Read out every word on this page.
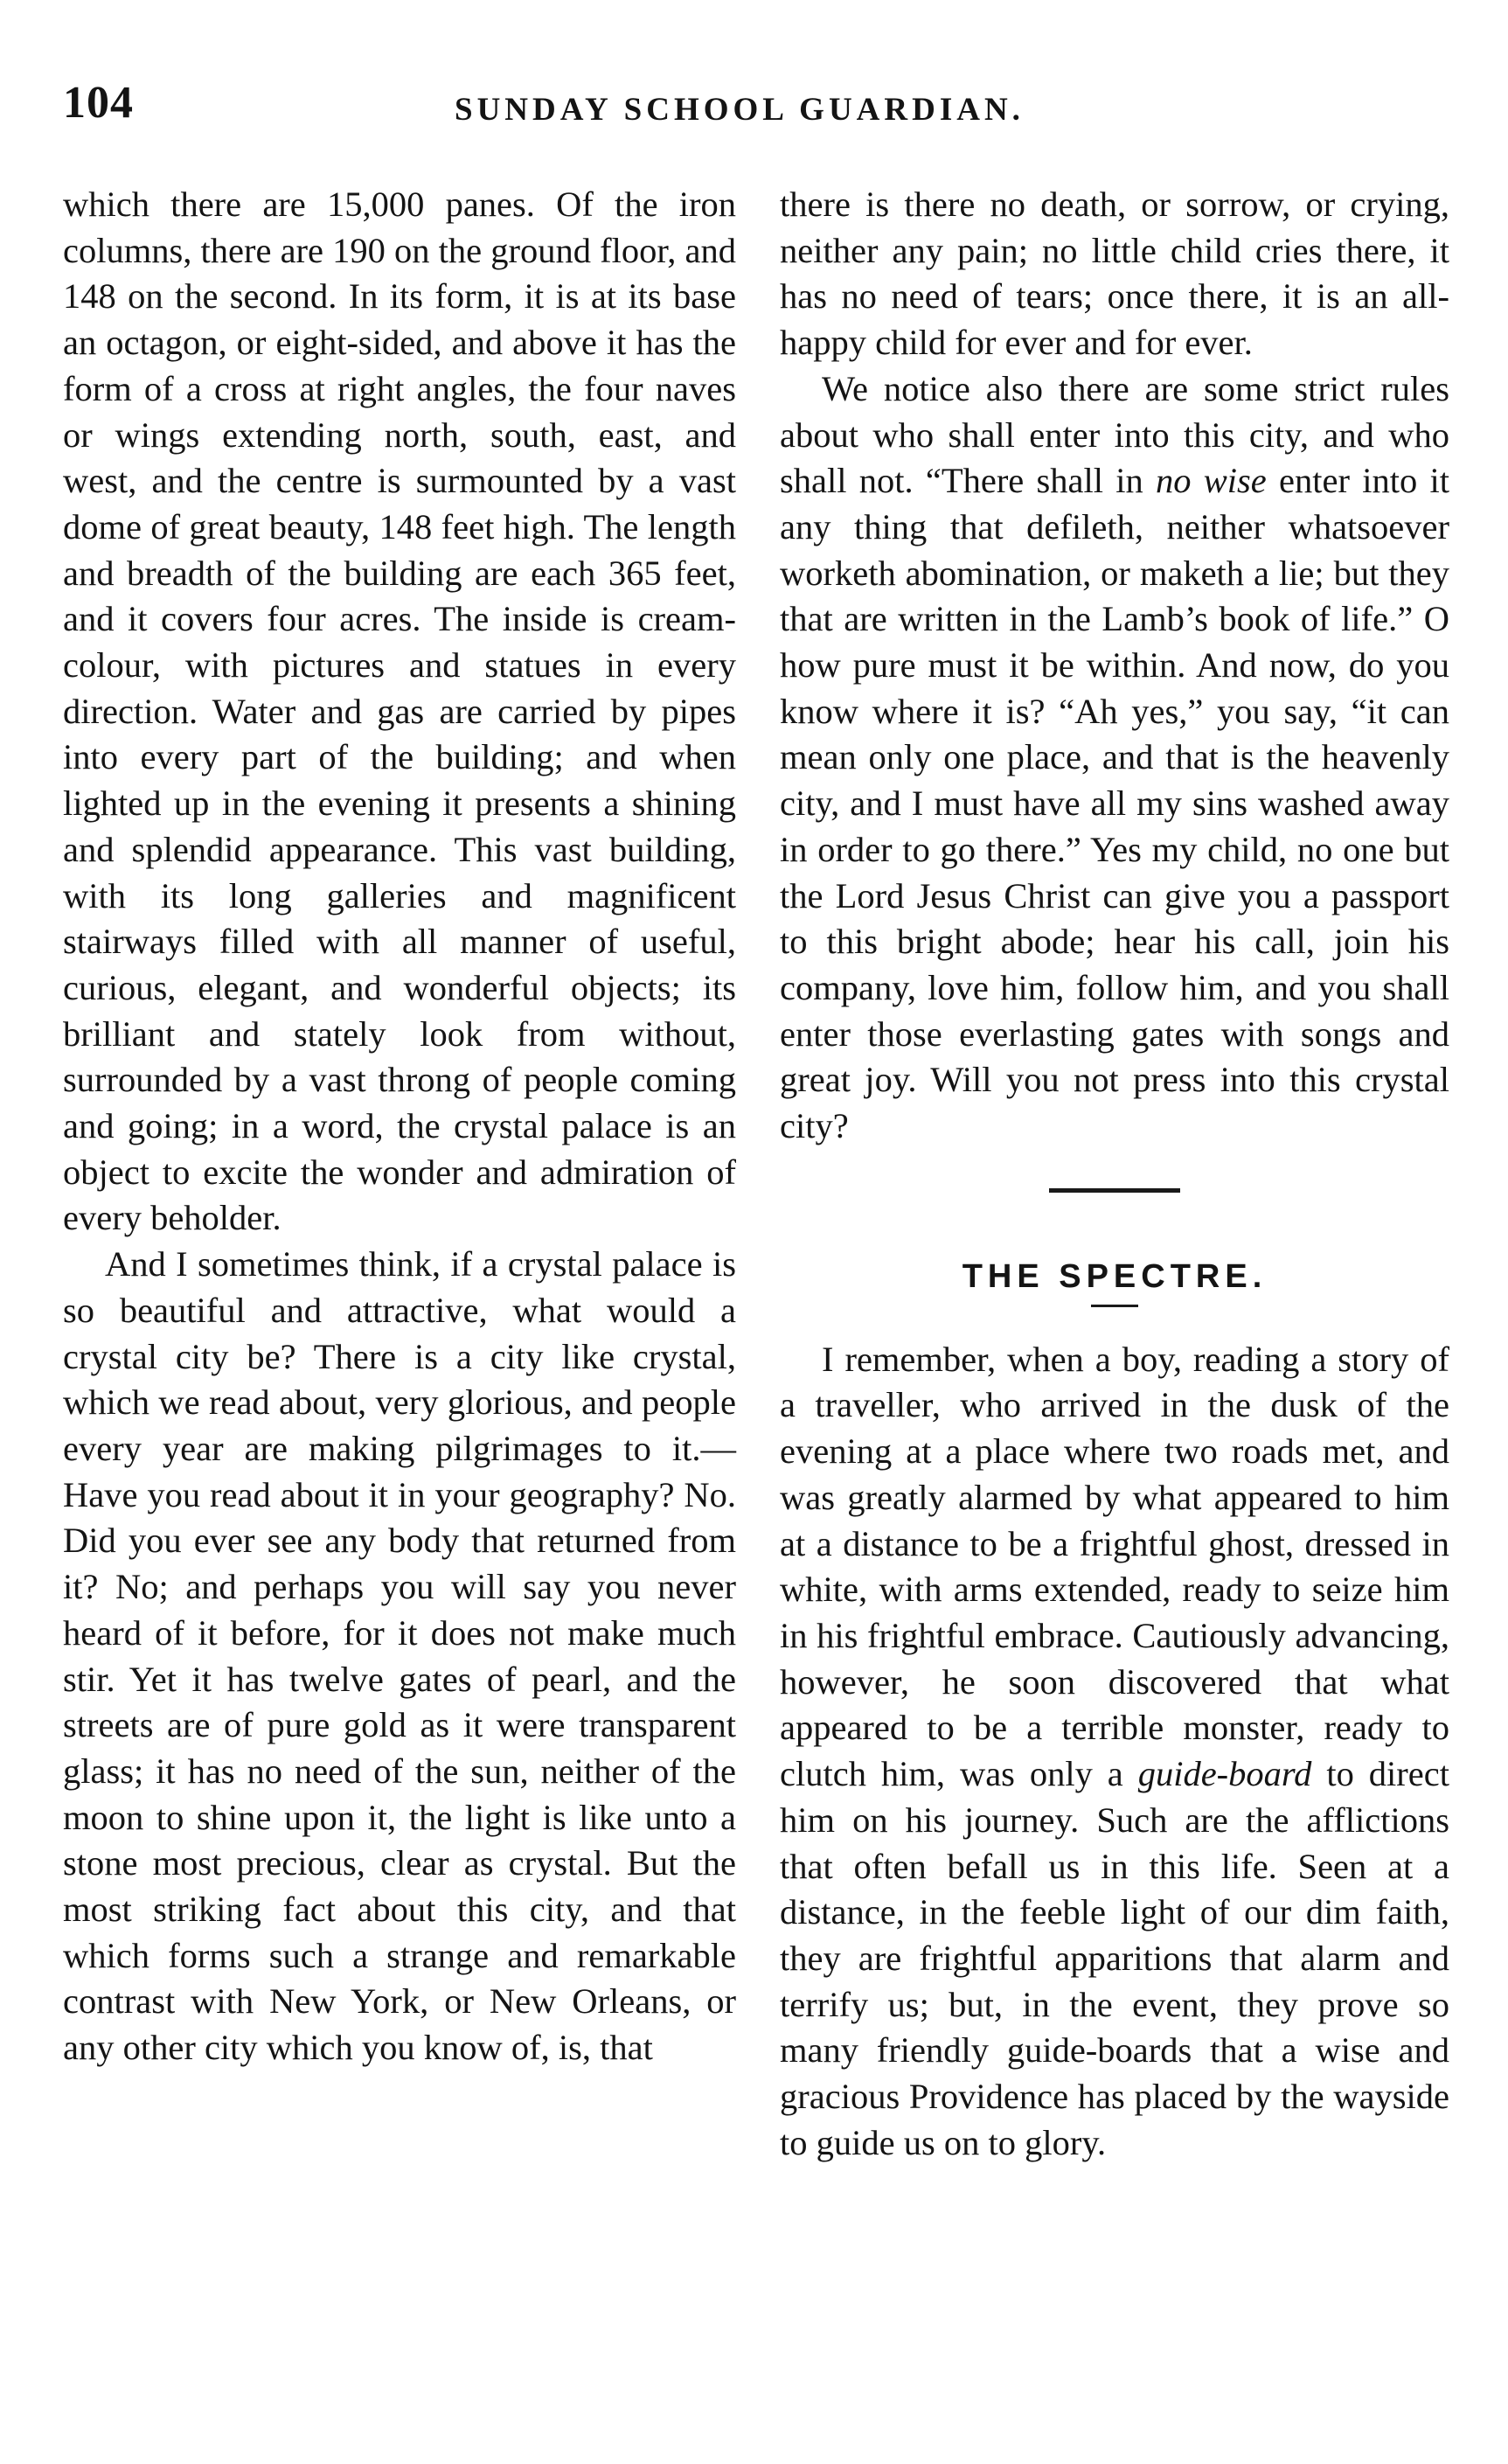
104	SUNDAY SCHOOL GUARDIAN.

which there are 15,000 panes. Of the iron columns, there are 190 on the ground floor, and 148 on the second. In its form, it is at its base an octagon, or eight-sided, and above it has the form of a cross at right angles, the four naves or wings extending north, south, east, and west, and the centre is surmounted by a vast dome of great beauty, 148 feet high. The length and breadth of the building are each 365 feet, and it covers four acres. The inside is cream-colour, with pictures and statues in every direction. Water and gas are carried by pipes into every part of the building; and when lighted up in the evening it presents a shining and splendid appearance. This vast building, with its long galleries and magnificent stairways filled with all manner of useful, curious, elegant, and wonderful objects; its brilliant and stately look from without, surrounded by a vast throng of people coming and going; in a word, the crystal palace is an object to excite the wonder and admiration of every beholder.

And I sometimes think, if a crystal palace is so beautiful and attractive, what would a crystal city be? There is a city like crystal, which we read about, very glorious, and people every year are making pilgrimages to it.—Have you read about it in your geography? No. Did you ever see any body that returned from it? No; and perhaps you will say you never heard of it before, for it does not make much stir. Yet it has twelve gates of pearl, and the streets are of pure gold as it were transparent glass; it has no need of the sun, neither of the moon to shine upon it, the light is like unto a stone most precious, clear as crystal. But the most striking fact about this city, and that which forms such a strange and remarkable contrast with New York, or New Orleans, or any other city which you know of, is, that

there is there no death, or sorrow, or crying, neither any pain; no little child cries there, it has no need of tears; once there, it is an all-happy child for ever and for ever.

We notice also there are some strict rules about who shall enter into this city, and who shall not. “There shall in no wise enter into it any thing that defileth, neither whatsoever worketh abomination, or maketh a lie; but they that are written in the Lamb’s book of life.” O how pure must it be within. And now, do you know where it is? “Ah yes,” you say, “it can mean only one place, and that is the heavenly city, and I must have all my sins washed away in order to go there.” Yes my child, no one but the Lord Jesus Christ can give you a passport to this bright abode; hear his call, join his company, love him, follow him, and you shall enter those everlasting gates with songs and great joy. Will you not press into this crystal city?

THE SPECTRE.

I remember, when a boy, reading a story of a traveller, who arrived in the dusk of the evening at a place where two roads met, and was greatly alarmed by what appeared to him at a distance to be a frightful ghost, dressed in white, with arms extended, ready to seize him in his frightful embrace. Cautiously advancing, however, he soon discovered that what appeared to be a terrible monster, ready to clutch him, was only a guide-board to direct him on his journey. Such are the afflictions that often befall us in this life. Seen at a distance, in the feeble light of our dim faith, they are frightful apparitions that alarm and terrify us; but, in the event, they prove so many friendly guide-boards that a wise and gracious Providence has placed by the wayside to guide us on to glory.
